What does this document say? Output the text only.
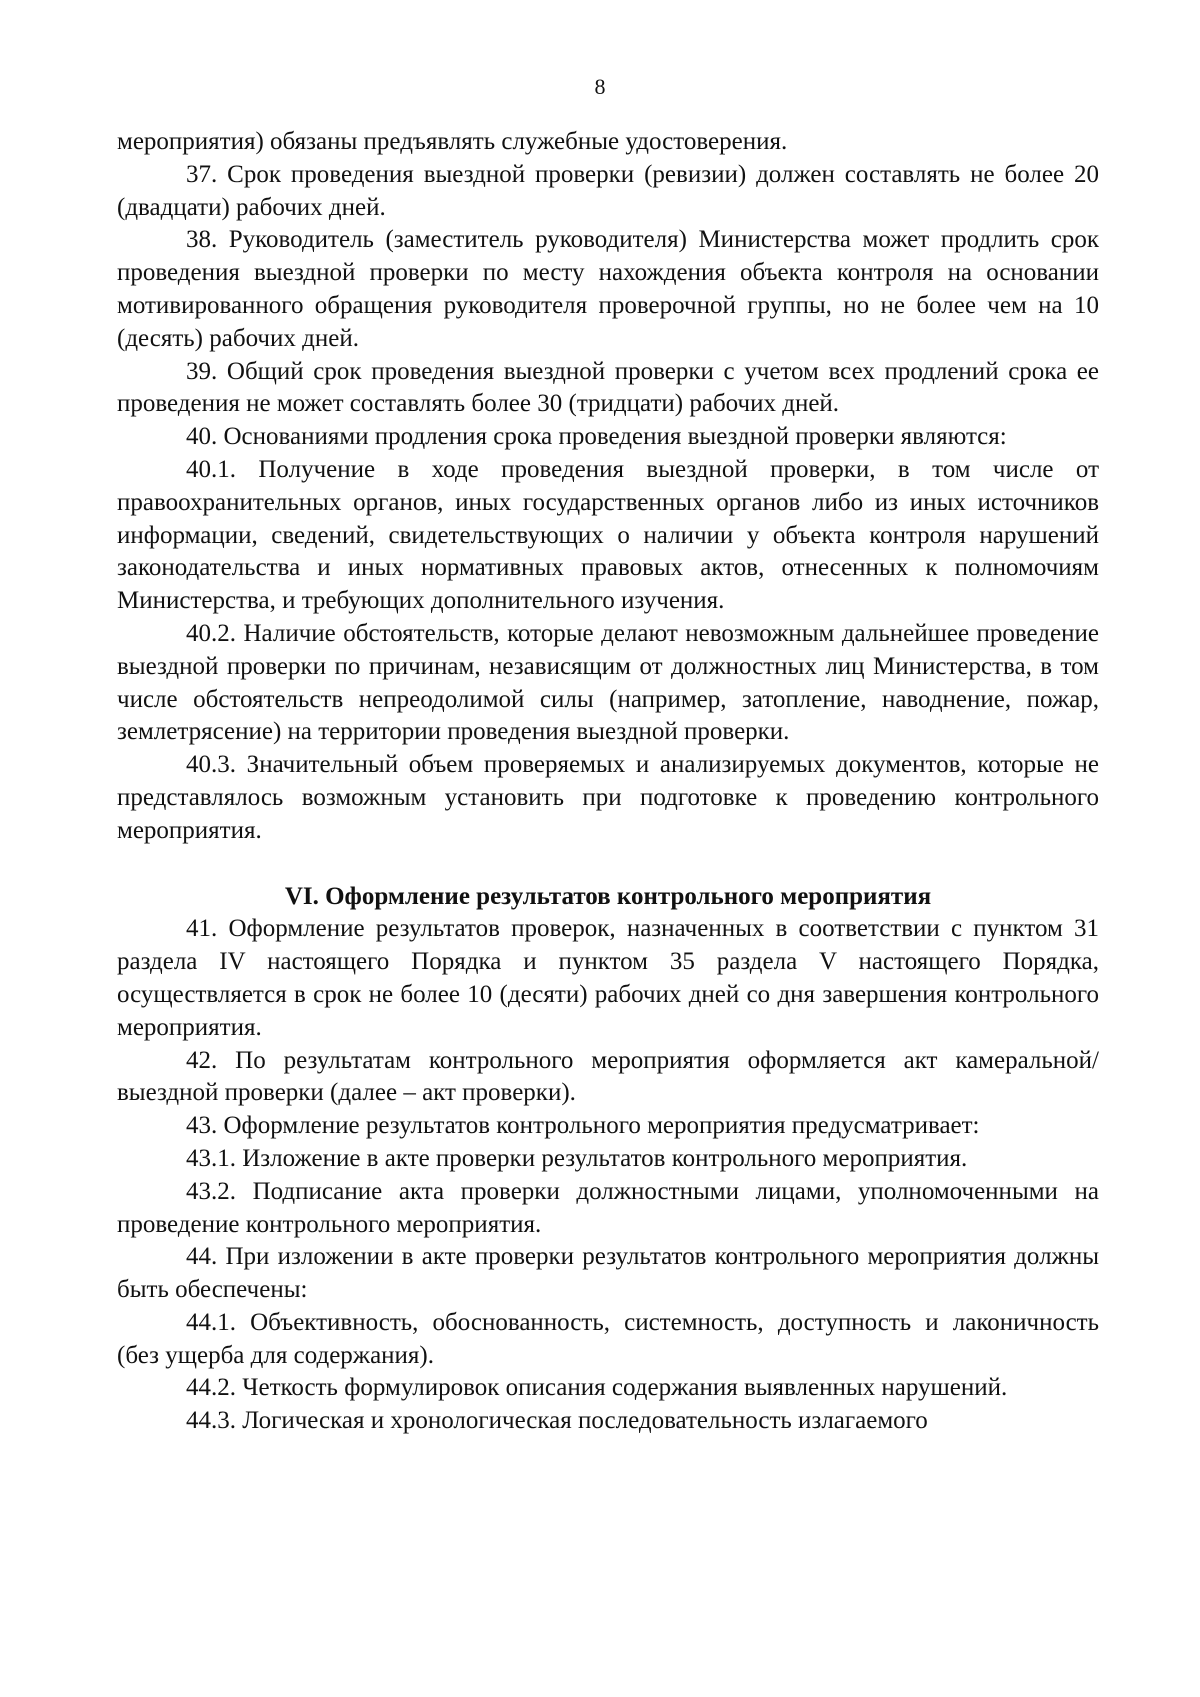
8

мероприятия) обязаны предъявлять служебные удостоверения.

37. Срок проведения выездной проверки (ревизии) должен составлять не более 20 (двадцати) рабочих дней.

38. Руководитель (заместитель руководителя) Министерства может продлить срок проведения выездной проверки по месту нахождения объекта контроля на основании мотивированного обращения руководителя проверочной группы, но не более чем на 10 (десять) рабочих дней.

39. Общий срок проведения выездной проверки с учетом всех продлений срока ее проведения не может составлять более 30 (тридцати) рабочих дней.

40. Основаниями продления срока проведения выездной проверки являются:

40.1. Получение в ходе проведения выездной проверки, в том числе от правоохранительных органов, иных государственных органов либо из иных источников информации, сведений, свидетельствующих о наличии у объекта контроля нарушений законодательства и иных нормативных правовых актов, отнесенных к полномочиям Министерства, и требующих дополнительного изучения.

40.2. Наличие обстоятельств, которые делают невозможным дальнейшее проведение выездной проверки по причинам, независящим от должностных лиц Министерства, в том числе обстоятельств непреодолимой силы (например, затопление, наводнение, пожар, землетрясение) на территории проведения выездной проверки.

40.3. Значительный объем проверяемых и анализируемых документов, которые не представлялось возможным установить при подготовке к проведению контрольного мероприятия.

VI. Оформление результатов контрольного мероприятия

41. Оформление результатов проверок, назначенных в соответствии с пунктом 31 раздела IV настоящего Порядка и пунктом 35 раздела V настоящего Порядка, осуществляется в срок не более 10 (десяти) рабочих дней со дня завершения контрольного мероприятия.

42. По результатам контрольного мероприятия оформляется акт камеральной/выездной проверки (далее – акт проверки).

43. Оформление результатов контрольного мероприятия предусматривает:

43.1. Изложение в акте проверки результатов контрольного мероприятия.

43.2. Подписание акта проверки должностными лицами, уполномоченными на проведение контрольного мероприятия.

44. При изложении в акте проверки результатов контрольного мероприятия должны быть обеспечены:

44.1. Объективность, обоснованность, системность, доступность и лаконичность (без ущерба для содержания).

44.2. Четкость формулировок описания содержания выявленных нарушений.

44.3. Логическая и хронологическая последовательность излагаемого
